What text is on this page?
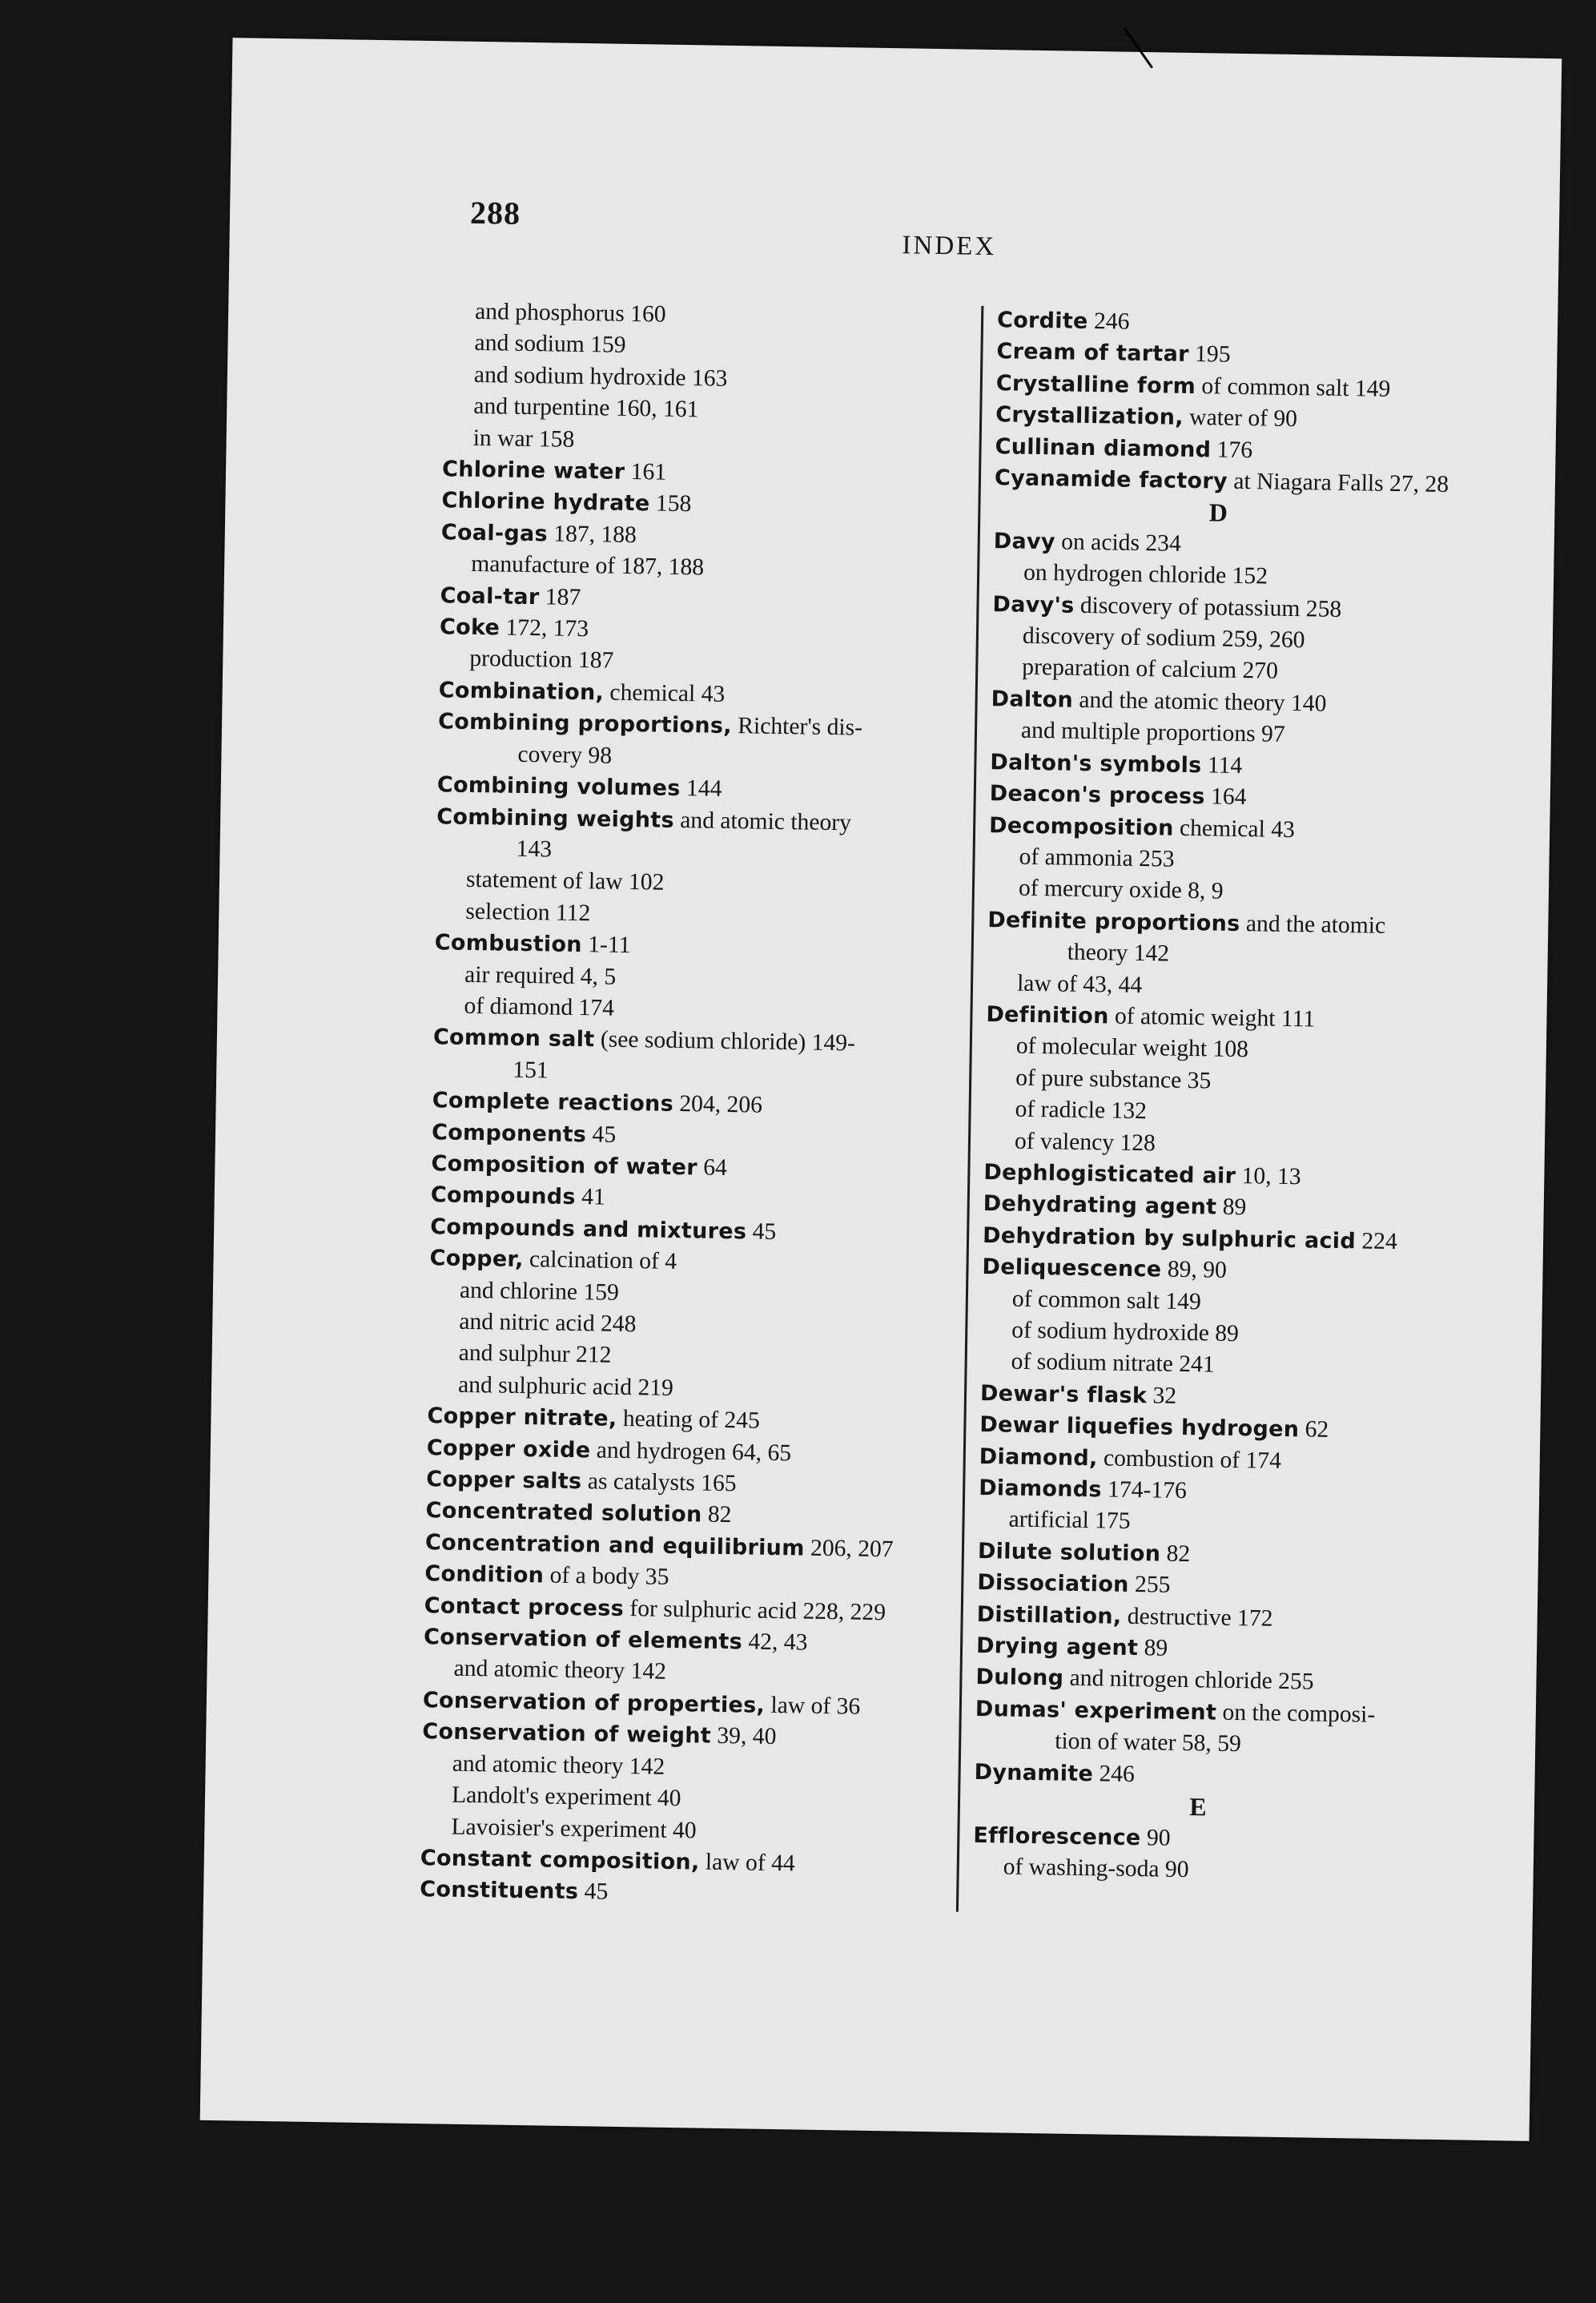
288
INDEX
and phosphorus 160
and sodium 159
and sodium hydroxide 163
and turpentine 160, 161
in war 158
Chlorine water 161
Chlorine hydrate 158
Coal-gas 187, 188
manufacture of 187, 188
Coal-tar 187
Coke 172, 173
production 187
Combination, chemical 43
Combining proportions, Richter's dis-
covery 98
Combining volumes 144
Combining weights and atomic theory
143
statement of law 102
selection 112
Combustion 1-11
air required 4, 5
of diamond 174
Common salt (see sodium chloride) 149-
151
Complete reactions 204, 206
Components 45
Composition of water 64
Compounds 41
Compounds and mixtures 45
Copper, calcination of 4
and chlorine 159
and nitric acid 248
and sulphur 212
and sulphuric acid 219
Copper nitrate, heating of 245
Copper oxide and hydrogen 64, 65
Copper salts as catalysts 165
Concentrated solution 82
Concentration and equilibrium 206, 207
Condition of a body 35
Contact process for sulphuric acid 228, 229
Conservation of elements 42, 43
and atomic theory 142
Conservation of properties, law of 36
Conservation of weight 39, 40
and atomic theory 142
Landolt's experiment 40
Lavoisier's experiment 40
Constant composition, law of 44
Constituents 45
Cordite 246
Cream of tartar 195
Crystalline form of common salt 149
Crystallization, water of 90
Cullinan diamond 176
Cyanamide factory at Niagara Falls 27, 28
D
Davy on acids 234
on hydrogen chloride 152
Davy's discovery of potassium 258
discovery of sodium 259, 260
preparation of calcium 270
Dalton and the atomic theory 140
and multiple proportions 97
Dalton's symbols 114
Deacon's process 164
Decomposition chemical 43
of ammonia 253
of mercury oxide 8, 9
Definite proportions and the atomic
theory 142
law of 43, 44
Definition of atomic weight 111
of molecular weight 108
of pure substance 35
of radicle 132
of valency 128
Dephlogisticated air 10, 13
Dehydrating agent 89
Dehydration by sulphuric acid 224
Deliquescence 89, 90
of common salt 149
of sodium hydroxide 89
of sodium nitrate 241
Dewar's flask 32
Dewar liquefies hydrogen 62
Diamond, combustion of 174
Diamonds 174-176
artificial 175
Dilute solution 82
Dissociation 255
Distillation, destructive 172
Drying agent 89
Dulong and nitrogen chloride 255
Dumas' experiment on the composi-
tion of water 58, 59
Dynamite 246
E
Efflorescence 90
of washing-soda 90
